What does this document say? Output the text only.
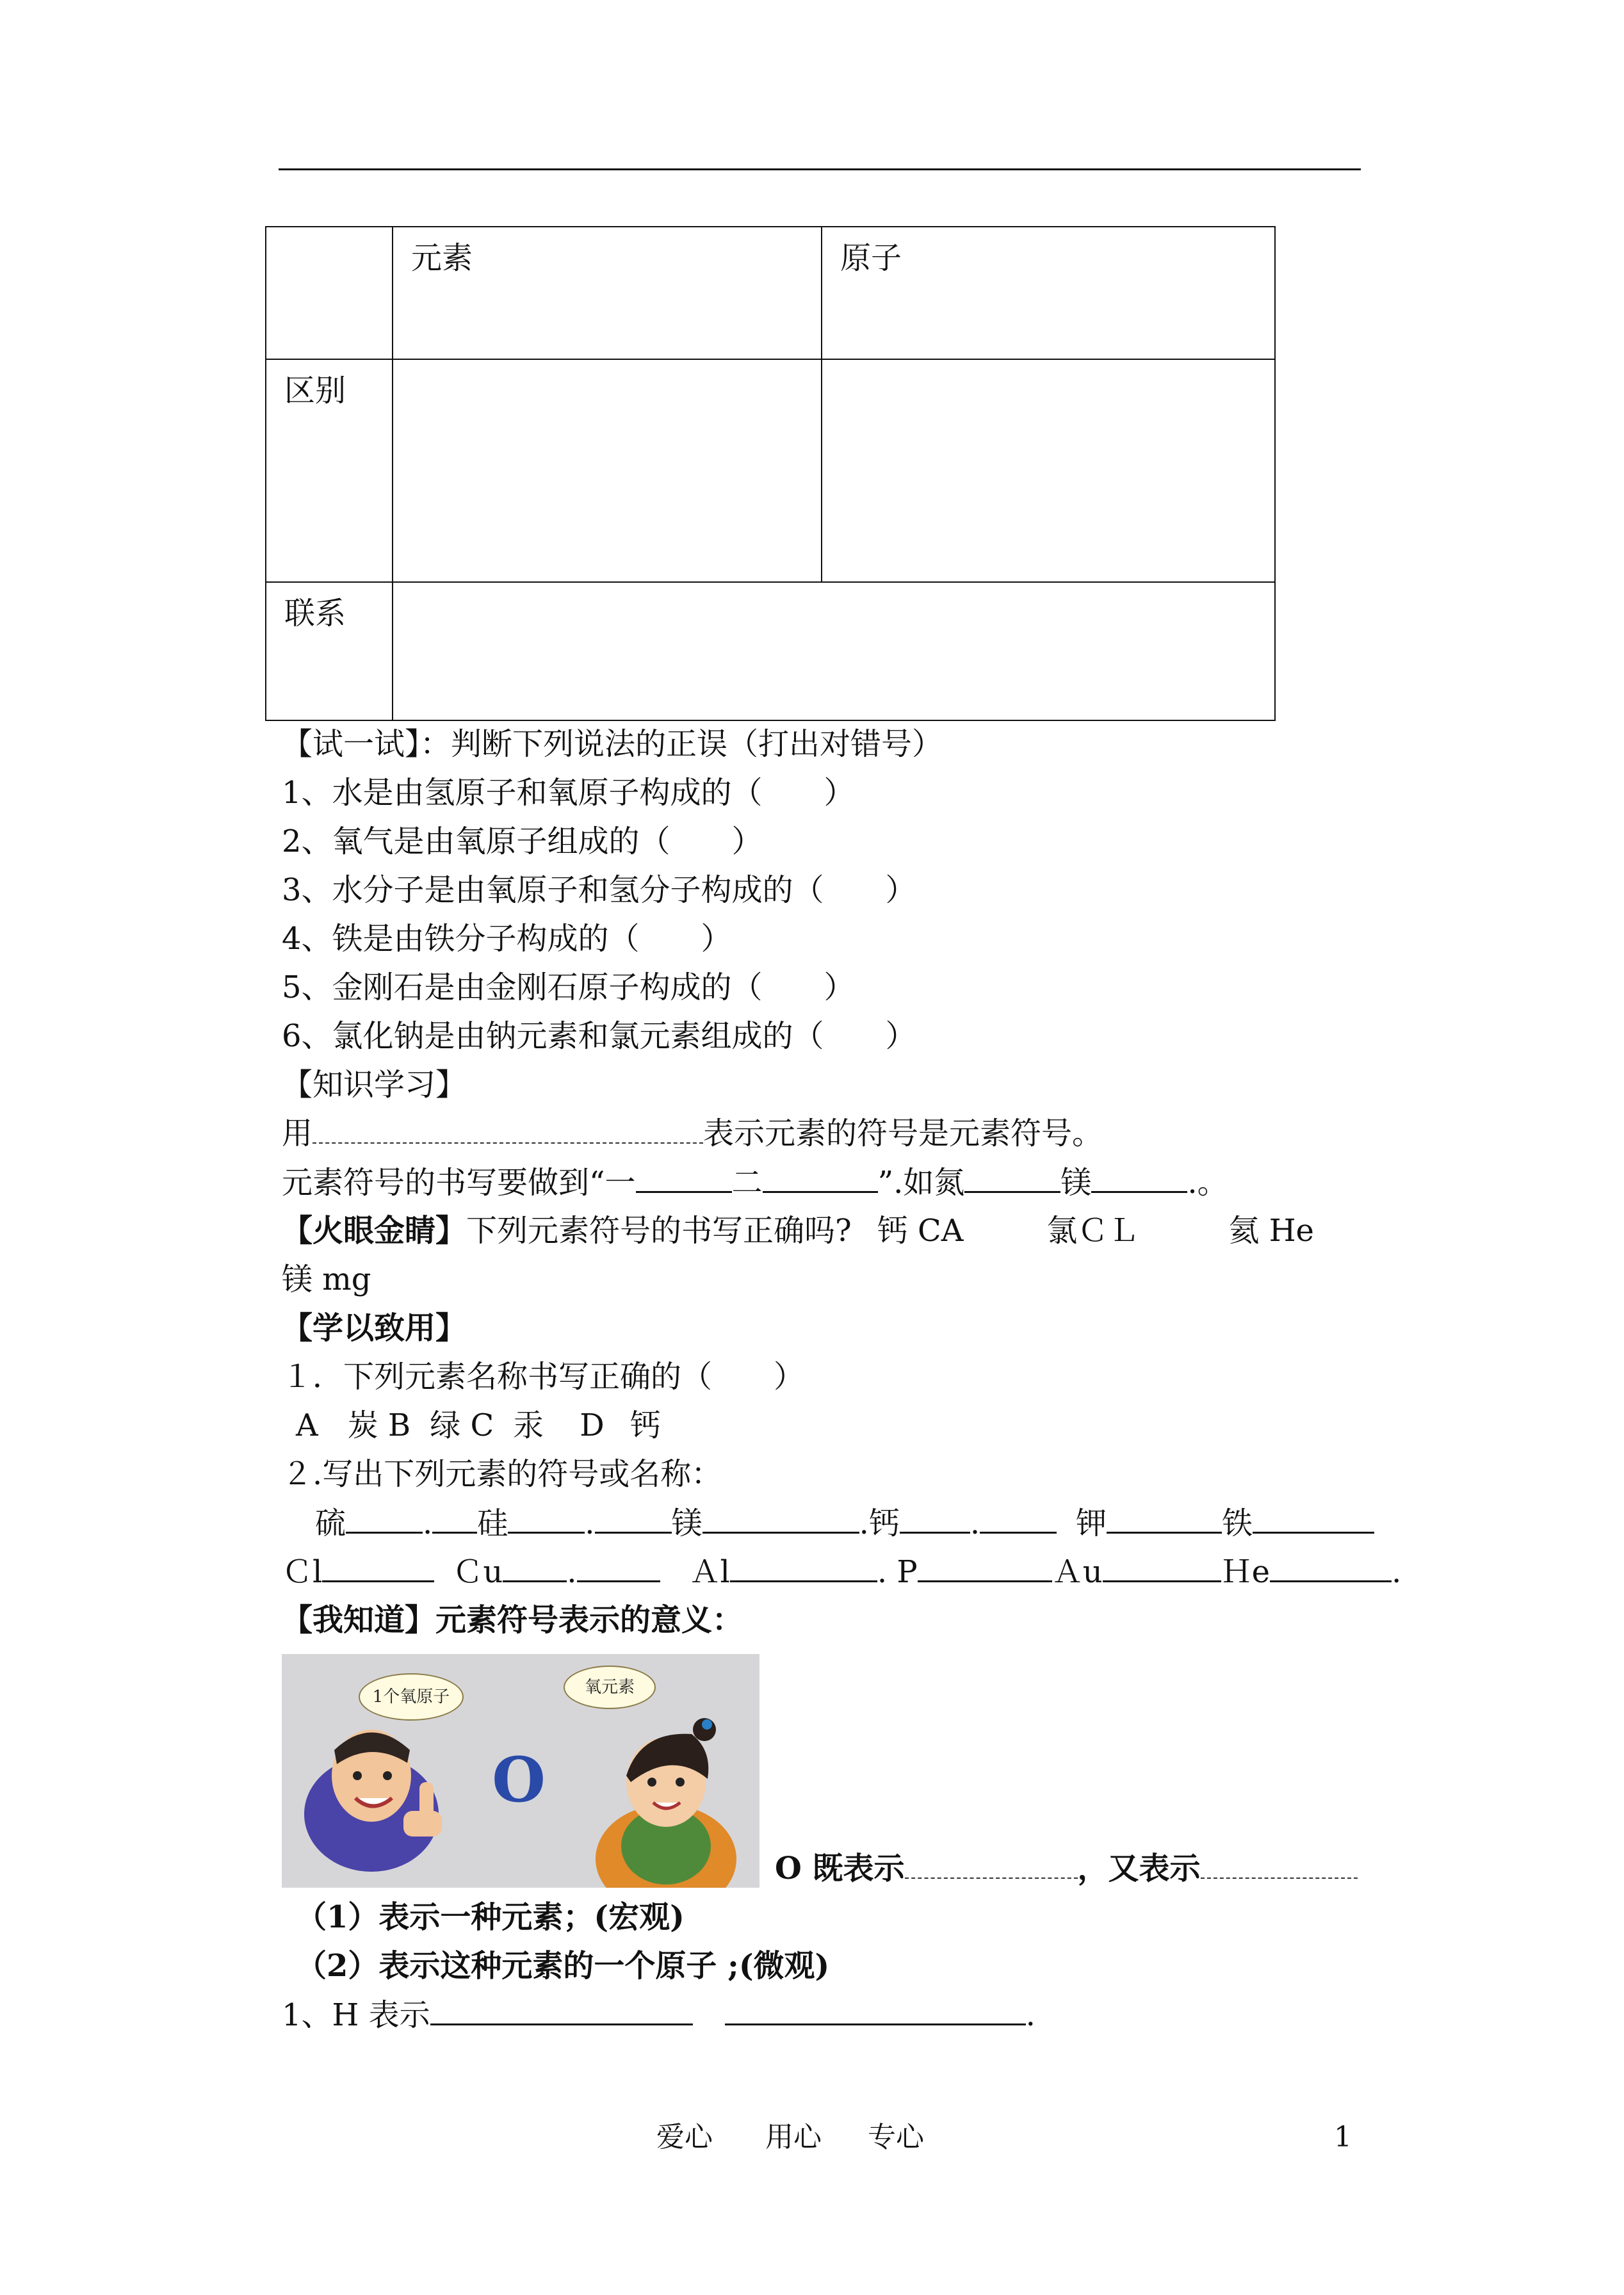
	元素	原子
区别		
联系		
【试一试】：判断下列说法的正误（打出对错号）
1、水是由氢原子和氧原子构成的（　　）
2、氧气是由氧原子组成的（　　）
3、水分子是由氧原子和氢分子构成的（　　）
4、铁是由铁分子构成的（　　）
5、金刚石是由金刚石原子构成的（　　）
6、氯化钠是由钠元素和氯元素组成的（　　）
【知识学习】
用	表示元素的符号是元素符号。
元素符号的书写要做到“一	二	”.如氮	镁	.。
【火眼金睛】下列元素符号的书写正确吗? 钙 CA	氯ＣＬ	氦 He
镁 mg
【学以致用】
１．下列元素名称书写正确的（　　）
A 炭 B 绿 C 汞 D 钙
２.写出下列元素的符号或名称：
硫	. 硅	.	镁	.钙 .	钾	铁
Ｃl	Ｃu .	Ａl	. P	Ａu	Ｈe	.
【我知道】元素符号表示的意义：
O
1个氧原子	氧元素
O 既表示	，又表示
（1）表示一种元素；(宏观)
（2）表示这种元素的一个原子 ;(微观)
1、H 表示	.
爱心 用心 专心	1
